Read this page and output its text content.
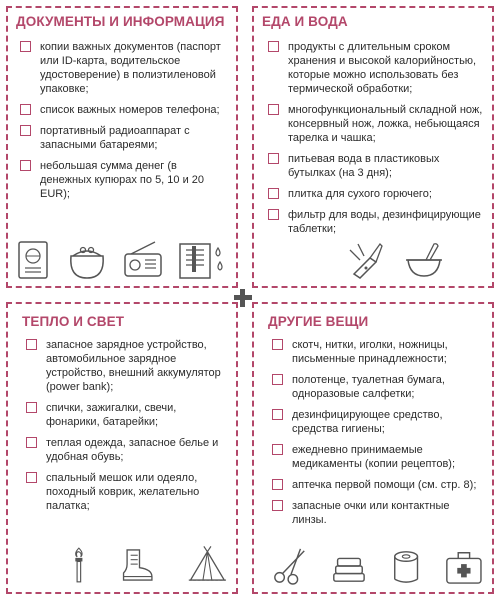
ДОКУМЕНТЫ И ИНФОРМАЦИЯ
копии важных документов (паспорт или ID-карта, водительское удостоверение) в полиэтиленовой упаковке;
список важных номеров телефона;
портативный радиоаппарат с запасными батареями;
небольшая сумма денег (в денежных купюрах по 5, 10 и 20 EUR);
ЕДА И ВОДА
продукты с длительным сроком хранения и высокой калорийностью, которые можно использовать без термической обработки;
многофункциональный складной нож, консервный нож, ложка, небьющаяся тарелка и чашка;
питьевая вода в пластиковых бутылках (на 3 дня);
плитка для сухого горючего;
фильтр для воды, дезинфицирующие таблетки;
ТЕПЛО И СВЕТ
запасное зарядное устройство, автомобильное зарядное устройство, внешний аккумулятор (power bank);
спички, зажигалки, свечи, фонарики, батарейки;
теплая одежда, запасное белье и удобная обувь;
спальный мешок или одеяло, походный коврик, желательно палатка;
ДРУГИЕ ВЕЩИ
скотч, нитки, иголки, ножницы, письменные принадлежности;
полотенце, туалетная бумага, одноразовые салфетки;
дезинфицирующее средство, средства гигиены;
ежедневно принимаемые медикаменты (копии рецептов);
аптечка первой помощи (см. стр. 8);
запасные очки или контактные линзы.
